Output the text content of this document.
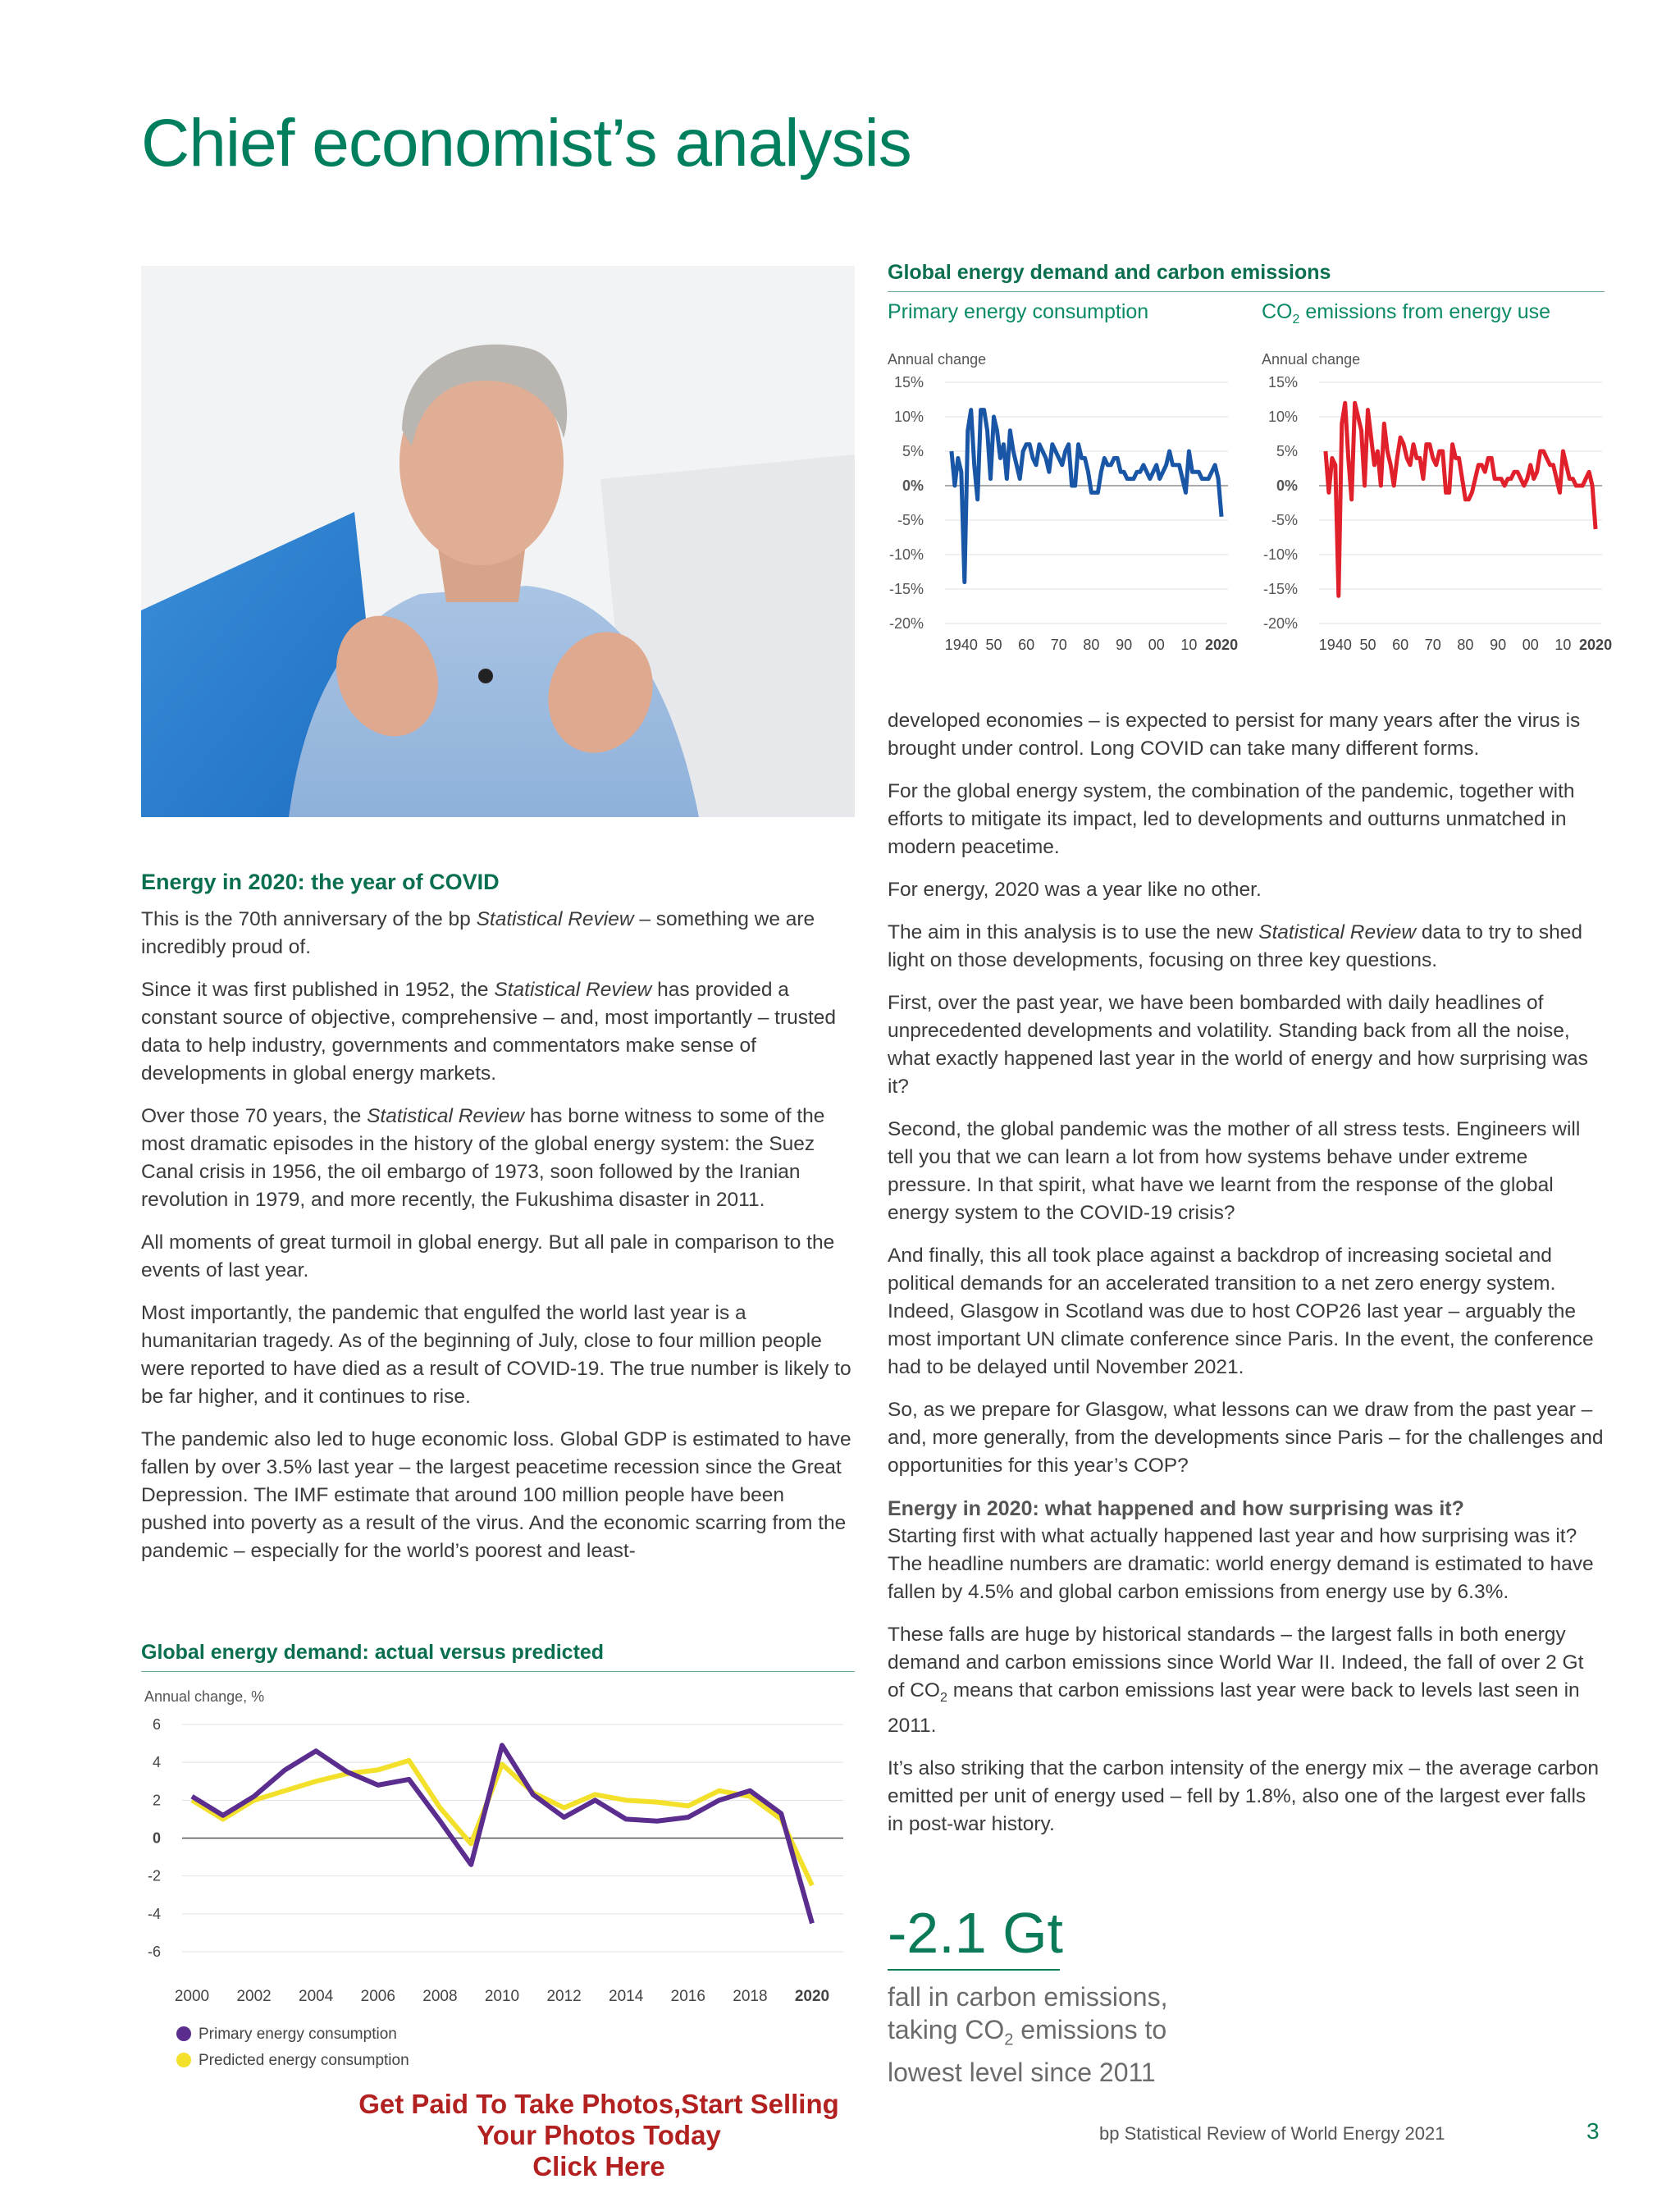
Chief economist’s analysis
Global energy demand and carbon emissions
Primary energy consumption	$CO_2$ emissions from energy use
Annual change
15%
10%
5%
0%
-5%
-10%
-15%
-20%
1940 50 60 70 80 90 00 10 2020
Annual change
15%
10%
5%
0%
-5%
-10%
-15%
-20%
1940 50 60 70 80 90 00 10 2020
Energy in 2020: the year of COVID

This is the 70th anniversary of the bp Statistical Review – something we are incredibly proud of.

Since it was first published in 1952, the Statistical Review has provided a constant source of objective, comprehensive – and, most importantly – trusted data to help industry, governments and commentators make sense of developments in global energy markets.

Over those 70 years, the Statistical Review has borne witness to some of the most dramatic episodes in the history of the global energy system: the Suez Canal crisis in 1956, the oil embargo of 1973, soon followed by the Iranian revolution in 1979, and more recently, the Fukushima disaster in 2011.

All moments of great turmoil in global energy. But all pale in comparison to the events of last year.

Most importantly, the pandemic that engulfed the world last year is a humanitarian tragedy. As of the beginning of July, close to four million people were reported to have died as a result of COVID-19. The true number is likely to be far higher, and it continues to rise.

The pandemic also led to huge economic loss. Global GDP is estimated to have fallen by over 3.5% last year – the largest peacetime recession since the Great Depression. The IMF estimate that around 100 million people have been pushed into poverty as a result of the virus. And the economic scarring from the pandemic – especially for the world’s poorest and least-

developed economies – is expected to persist for many years after the virus is brought under control. Long COVID can take many different forms.

For the global energy system, the combination of the pandemic, together with efforts to mitigate its impact, led to developments and outturns unmatched in modern peacetime.

For energy, 2020 was a year like no other.

The aim in this analysis is to use the new Statistical Review data to try to shed light on those developments, focusing on three key questions.

First, over the past year, we have been bombarded with daily headlines of unprecedented developments and volatility. Standing back from all the noise, what exactly happened last year in the world of energy and how surprising was it?

Second, the global pandemic was the mother of all stress tests. Engineers will tell you that we can learn a lot from how systems behave under extreme pressure. In that spirit, what have we learnt from the response of the global energy system to the COVID-19 crisis?

And finally, this all took place against a backdrop of increasing societal and political demands for an accelerated transition to a net zero energy system. Indeed, Glasgow in Scotland was due to host COP26 last year – arguably the most important UN climate conference since Paris. In the event, the conference had to be delayed until November 2021.

So, as we prepare for Glasgow, what lessons can we draw from the past year – and, more generally, from the developments since Paris – for the challenges and opportunities for this year’s COP?

Energy in 2020: what happened and how surprising was it?

Starting first with what actually happened last year and how surprising was it? The headline numbers are dramatic: world energy demand is estimated to have fallen by 4.5% and global carbon emissions from energy use by 6.3%.

These falls are huge by historical standards – the largest falls in both energy demand and carbon emissions since World War II. Indeed, the fall of over 2 Gt of $CO_2$ means that carbon emissions last year were back to levels last seen in 2011.

It’s also striking that the carbon intensity of the energy mix – the average carbon emitted per unit of energy used – fell by 1.8%, also one of the largest ever falls in post-war history.

Global energy demand: actual versus predicted
Annual change, %
6
4
2
0
-2
-4
-6
2000 2002 2004 2006 2008 2010 2012 2014 2016 2018 2020
Primary energy consumption
Predicted energy consumption
-2.1 Gt
fall in carbon emissions,
taking $CO_2$ emissions to
lowest level since 2011
Get Paid To Take Photos,Start Selling
Your Photos Today
Click Here
bp Statistical Review of World Energy 2021	3
